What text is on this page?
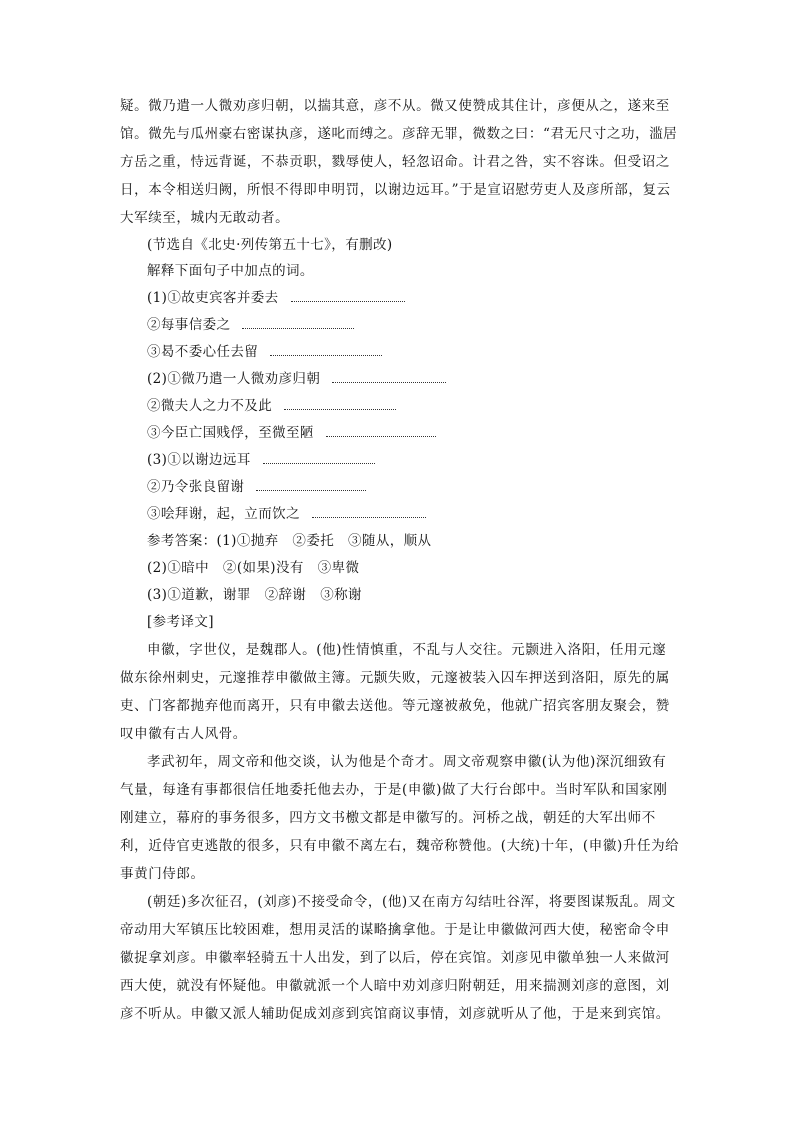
疑。微乃遣一人微劝彦归朝，以揣其意，彦不从。微又使赞成其住计，彦便从之，遂来至馆。微先与瓜州豪右密谋执彦，遂叱而缚之。彦辞无罪，微数之曰：“君无尺寸之功，滥居方岳之重，恃远背诞，不恭贡职，戮辱使人，轻忽诏命。计君之咎，实不容诛。但受诏之日，本令相送归阙，所恨不得即申明罚，以谢边远耳。”于是宣诏慰劳吏人及彦所部，复云大军续至，城内无敢动者。
(节选自《北史·列传第五十七》，有删改)
解释下面句子中加点的词。
(1)①故吏宾客并委去
②每事信委之
③曷不委心任去留
(2)①微乃遣一人微劝彦归朝
②微夫人之力不及此
③今臣亡国贱俘，至微至陋
(3)①以谢边远耳
②乃令张良留谢
③哙拜谢，起，立而饮之
参考答案：(1)①抛弃　②委托　③随从，顺从
(2)①暗中　②(如果)没有　③卑微
(3)①道歉，谢罪　②辞谢　③称谢
[参考译文]
申徽，字世仪，是魏郡人。(他)性情慎重，不乱与人交往。元颢进入洛阳，任用元邃做东徐州刺史，元邃推荐申徽做主簿。元颢失败，元邃被装入囚车押送到洛阳，原先的属吏、门客都抛弃他而离开，只有申徽去送他。等元邃被赦免，他就广招宾客朋友聚会，赞叹申徽有古人风骨。
孝武初年，周文帝和他交谈，认为他是个奇才。周文帝观察申徽(认为他)深沉细致有气量，每逢有事都很信任地委托他去办，于是(申徽)做了大行台郎中。当时军队和国家刚刚建立，幕府的事务很多，四方文书檄文都是申徽写的。河桥之战，朝廷的大军出师不利，近侍官吏逃散的很多，只有申徽不离左右，魏帝称赞他。(大统)十年，(申徽)升任为给事黄门侍郎。
(朝廷)多次征召，(刘彦)不接受命令，(他)又在南方勾结吐谷浑，将要图谋叛乱。周文帝动用大军镇压比较困难，想用灵活的谋略擒拿他。于是让申徽做河西大使，秘密命令申徽捉拿刘彦。申徽率轻骑五十人出发，到了以后，停在宾馆。刘彦见申徽单独一人来做河西大使，就没有怀疑他。申徽就派一个人暗中劝刘彦归附朝廷，用来揣测刘彦的意图，刘彦不听从。申徽又派人辅助促成刘彦到宾馆商议事情，刘彦就听从了他，于是来到宾馆。
